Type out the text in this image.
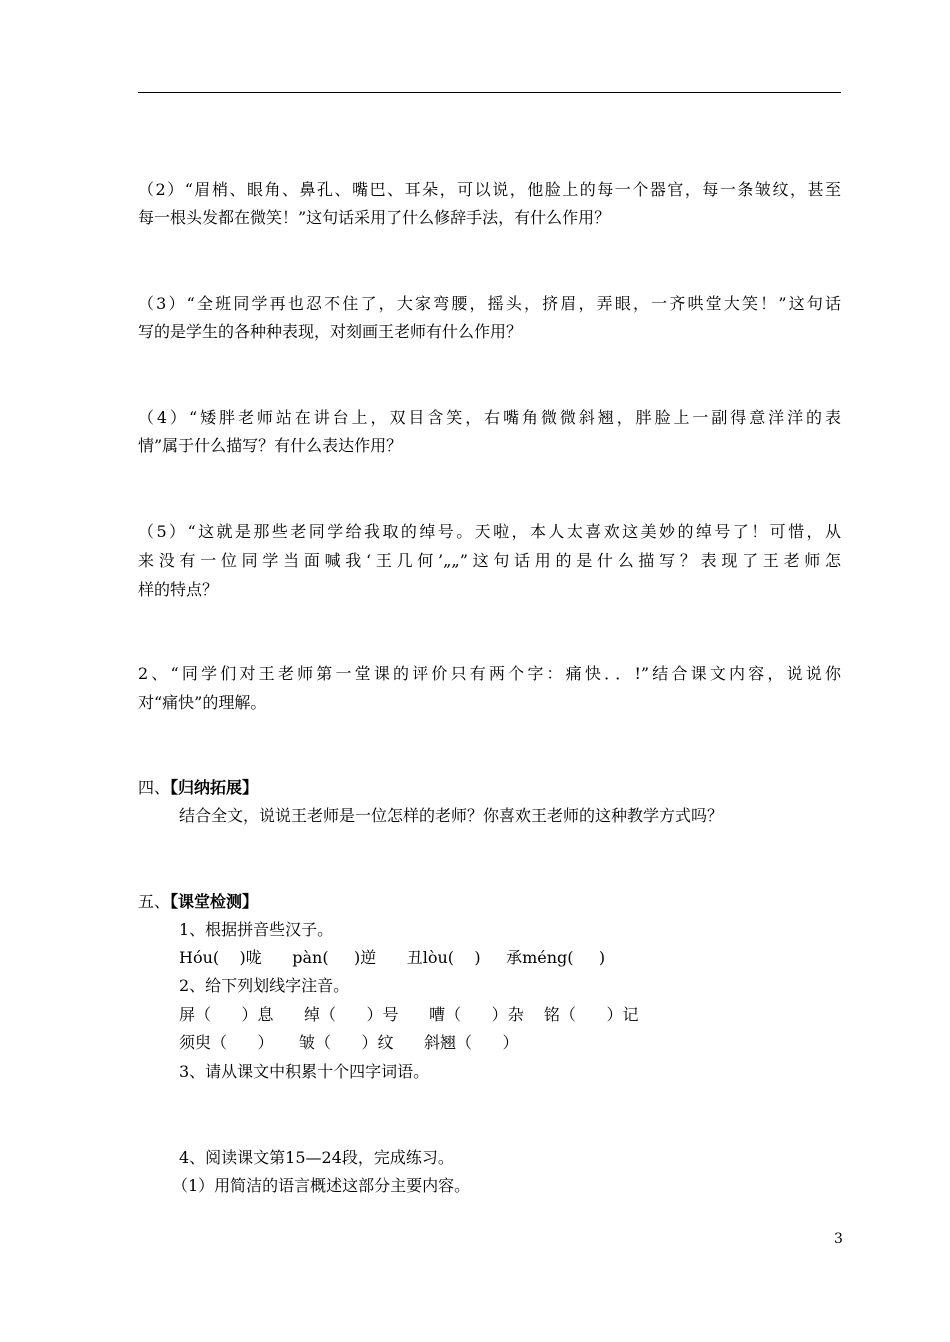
（2）“眉梢、眼角、鼻孔、嘴巴、耳朵，可以说，他脸上的每一个器官，每一条皱纹，甚至
每一根头发都在微笑！”这句话采用了什么修辞手法，有什么作用？
（3）“全班同学再也忍不住了，大家弯腰，摇头，挤眉，弄眼，一齐哄堂大笑！”这句话
写的是学生的各种种表现，对刻画王老师有什么作用？
（4）“矮胖老师站在讲台上，双目含笑，右嘴角微微斜翘，胖脸上一副得意洋洋的表
情”属于什么描写？有什么表达作用？
（5）“这就是那些老同学给我取的绰号。天啦，本人太喜欢这美妙的绰号了！可惜，从
来没有一位同学当面喊我‘王几何’„„”这句话用的是什么描写？表现了王老师怎
样的特点？
2、“同学们对王老师第一堂课的评价只有两个字：痛快．．!”结合课文内容，说说你
对“痛快”的理解。
四、【归纳拓展】
结合全文，说说王老师是一位怎样的老师？你喜欢王老师的这种教学方式吗？
五、【课堂检测】
1、根据拼音些汉子。
Hóu(    )咙      pàn(     )逆      丑lòu(    )     承méng(     )
2、给下列划线字注音。
屏（      ）息      绰（      ）号      嘈（      ）杂    铭（      ）记
须臾（      ）     皱（      ）纹      斜翘（      ）
3、请从课文中积累十个四字词语。
4、阅读课文第15—24段，完成练习。
（1）用简洁的语言概述这部分主要内容。
3
